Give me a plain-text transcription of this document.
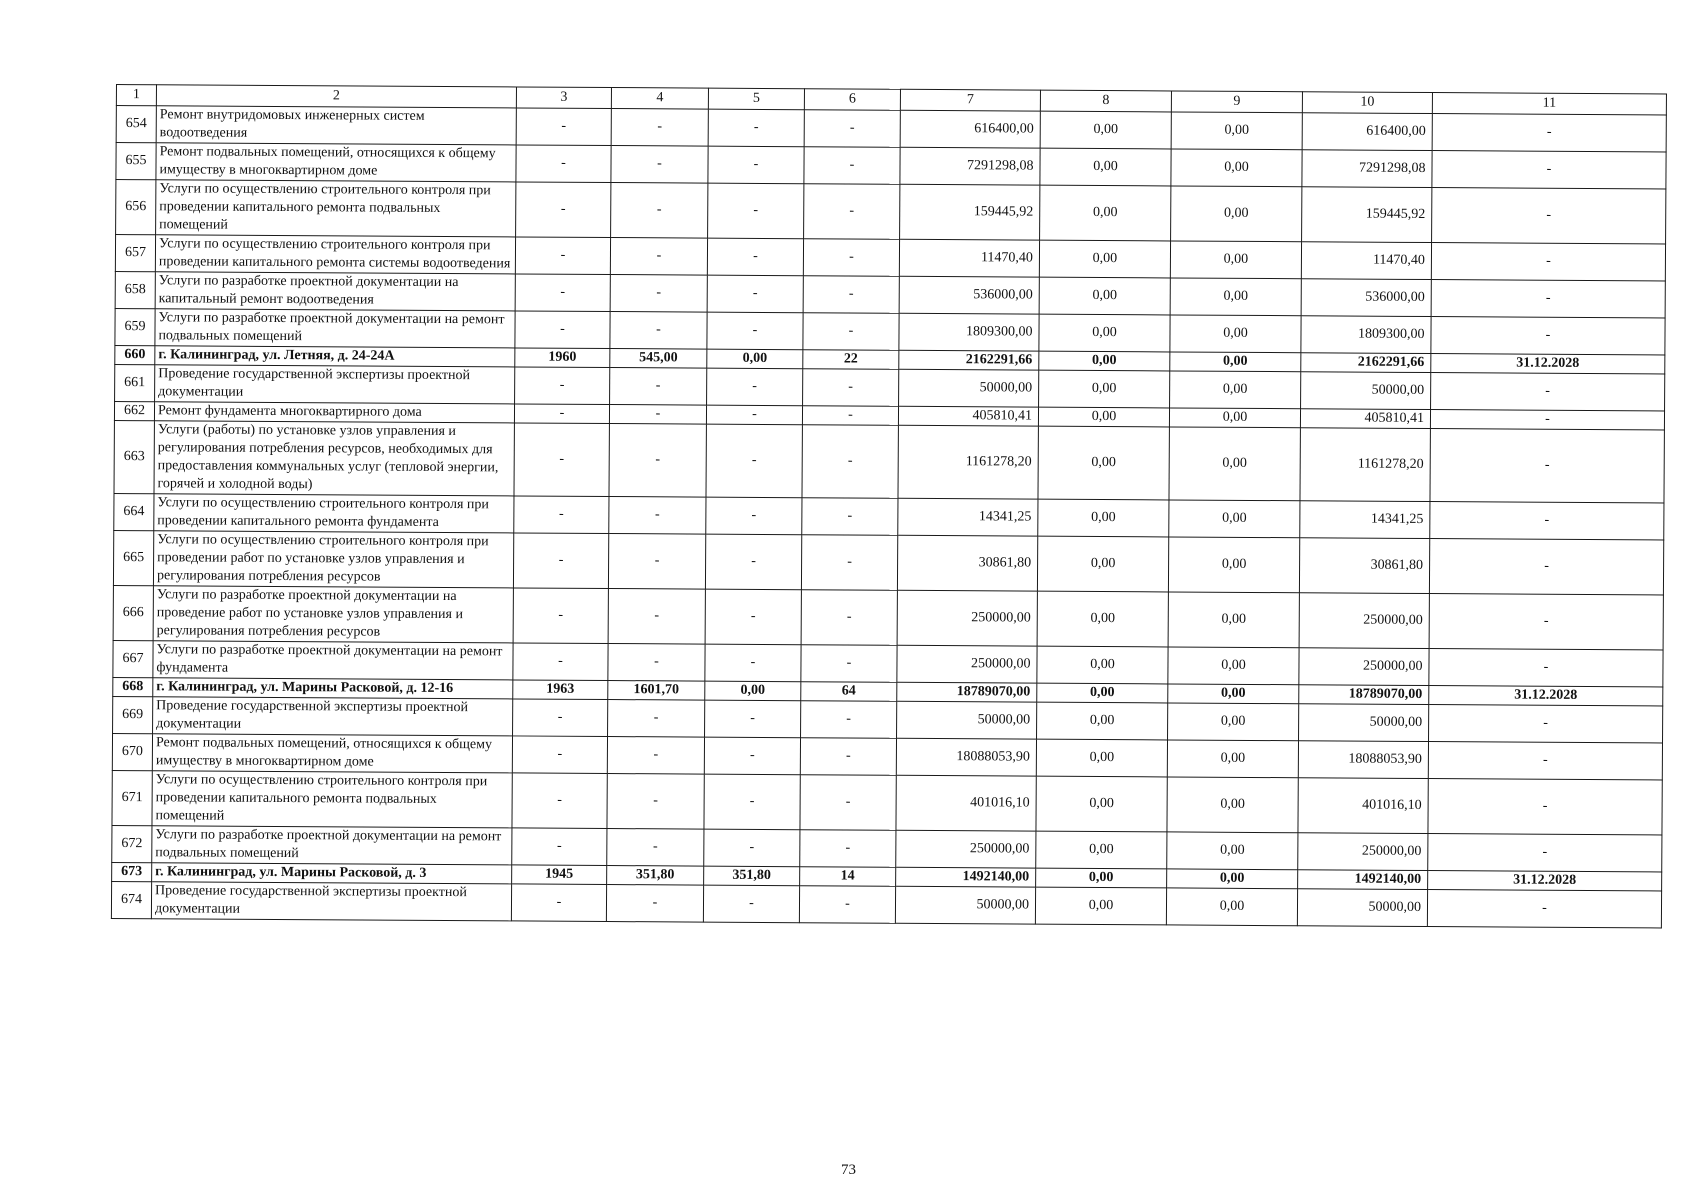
1	2	3	4	5	6	7	8	9	10	11
654	Ремонт внутридомовых инженерных систем водоотведения	-	-	-	-	616400,00	0,00	0,00	616400,00	-
655	Ремонт подвальных помещений, относящихся к общему имуществу в многоквартирном доме	-	-	-	-	7291298,08	0,00	0,00	7291298,08	-
656	Услуги по осуществлению строительного контроля при проведении капитального ремонта подвальных помещений	-	-	-	-	159445,92	0,00	0,00	159445,92	-
657	Услуги по осуществлению строительного контроля при проведении капитального ремонта системы водоотведения	-	-	-	-	11470,40	0,00	0,00	11470,40	-
658	Услуги по разработке проектной документации на капитальный ремонт водоотведения	-	-	-	-	536000,00	0,00	0,00	536000,00	-
659	Услуги по разработке проектной документации на ремонт подвальных помещений	-	-	-	-	1809300,00	0,00	0,00	1809300,00	-
660	г. Калининград, ул. Летняя, д. 24-24А	1960	545,00	0,00	22	2162291,66	0,00	0,00	2162291,66	31.12.2028
661	Проведение государственной экспертизы проектной документации	-	-	-	-	50000,00	0,00	0,00	50000,00	-
662	Ремонт фундамента многоквартирного дома	-	-	-	-	405810,41	0,00	0,00	405810,41	-
663	Услуги (работы) по установке узлов управления и регулирования потребления ресурсов, необходимых для предоставления коммунальных услуг (тепловой энергии, горячей и холодной воды)	-	-	-	-	1161278,20	0,00	0,00	1161278,20	-
664	Услуги по осуществлению строительного контроля при проведении капитального ремонта фундамента	-	-	-	-	14341,25	0,00	0,00	14341,25	-
665	Услуги по осуществлению строительного контроля при проведении работ по установке узлов управления и регулирования потребления ресурсов	-	-	-	-	30861,80	0,00	0,00	30861,80	-
666	Услуги по разработке проектной документации на проведение работ по установке узлов управления и регулирования потребления ресурсов	-	-	-	-	250000,00	0,00	0,00	250000,00	-
667	Услуги по разработке проектной документации на ремонт фундамента	-	-	-	-	250000,00	0,00	0,00	250000,00	-
668	г. Калининград, ул. Марины Расковой, д. 12-16	1963	1601,70	0,00	64	18789070,00	0,00	0,00	18789070,00	31.12.2028
669	Проведение государственной экспертизы проектной документации	-	-	-	-	50000,00	0,00	0,00	50000,00	-
670	Ремонт подвальных помещений, относящихся к общему имуществу в многоквартирном доме	-	-	-	-	18088053,90	0,00	0,00	18088053,90	-
671	Услуги по осуществлению строительного контроля при проведении капитального ремонта подвальных помещений	-	-	-	-	401016,10	0,00	0,00	401016,10	-
672	Услуги по разработке проектной документации на ремонт подвальных помещений	-	-	-	-	250000,00	0,00	0,00	250000,00	-
673	г. Калининград, ул. Марины Расковой, д. 3	1945	351,80	351,80	14	1492140,00	0,00	0,00	1492140,00	31.12.2028
674	Проведение государственной экспертизы проектной документации	-	-	-	-	50000,00	0,00	0,00	50000,00	-
73
